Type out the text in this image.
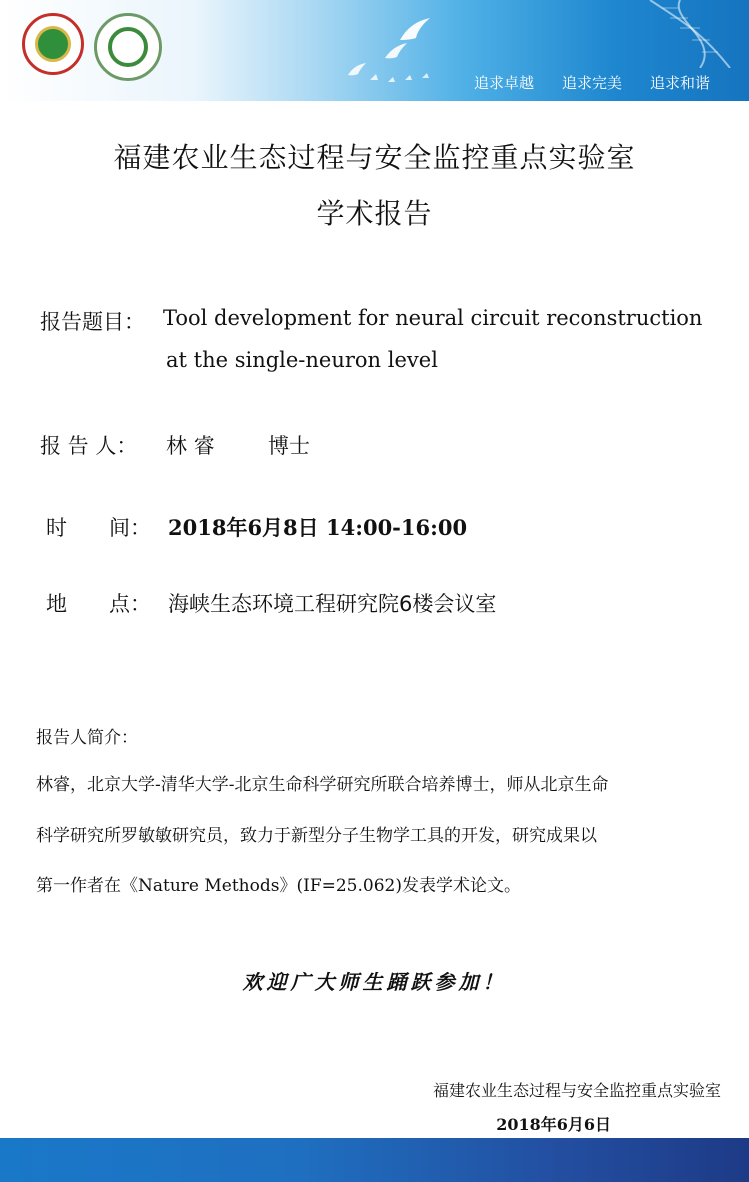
追求卓越 追求完美 追求和谐
福建农业生态过程与安全监控重点实验室
学术报告
报告题目： Tool development for neural circuit reconstruction
at the single-neuron level
报 告 人： 林 睿	博士
时　　间： 2018年6月8日 14:00-16:00
地　　点： 海峡生态环境工程研究院6楼会议室
报告人简介：
林睿，北京大学-清华大学-北京生命科学研究所联合培养博士，师从北京生命
科学研究所罗敏敏研究员，致力于新型分子生物学工具的开发，研究成果以
第一作者在《Nature Methods》(IF=25.062)发表学术论文。
欢迎广大师生踊跃参加！
福建农业生态过程与安全监控重点实验室
2018年6月6日
